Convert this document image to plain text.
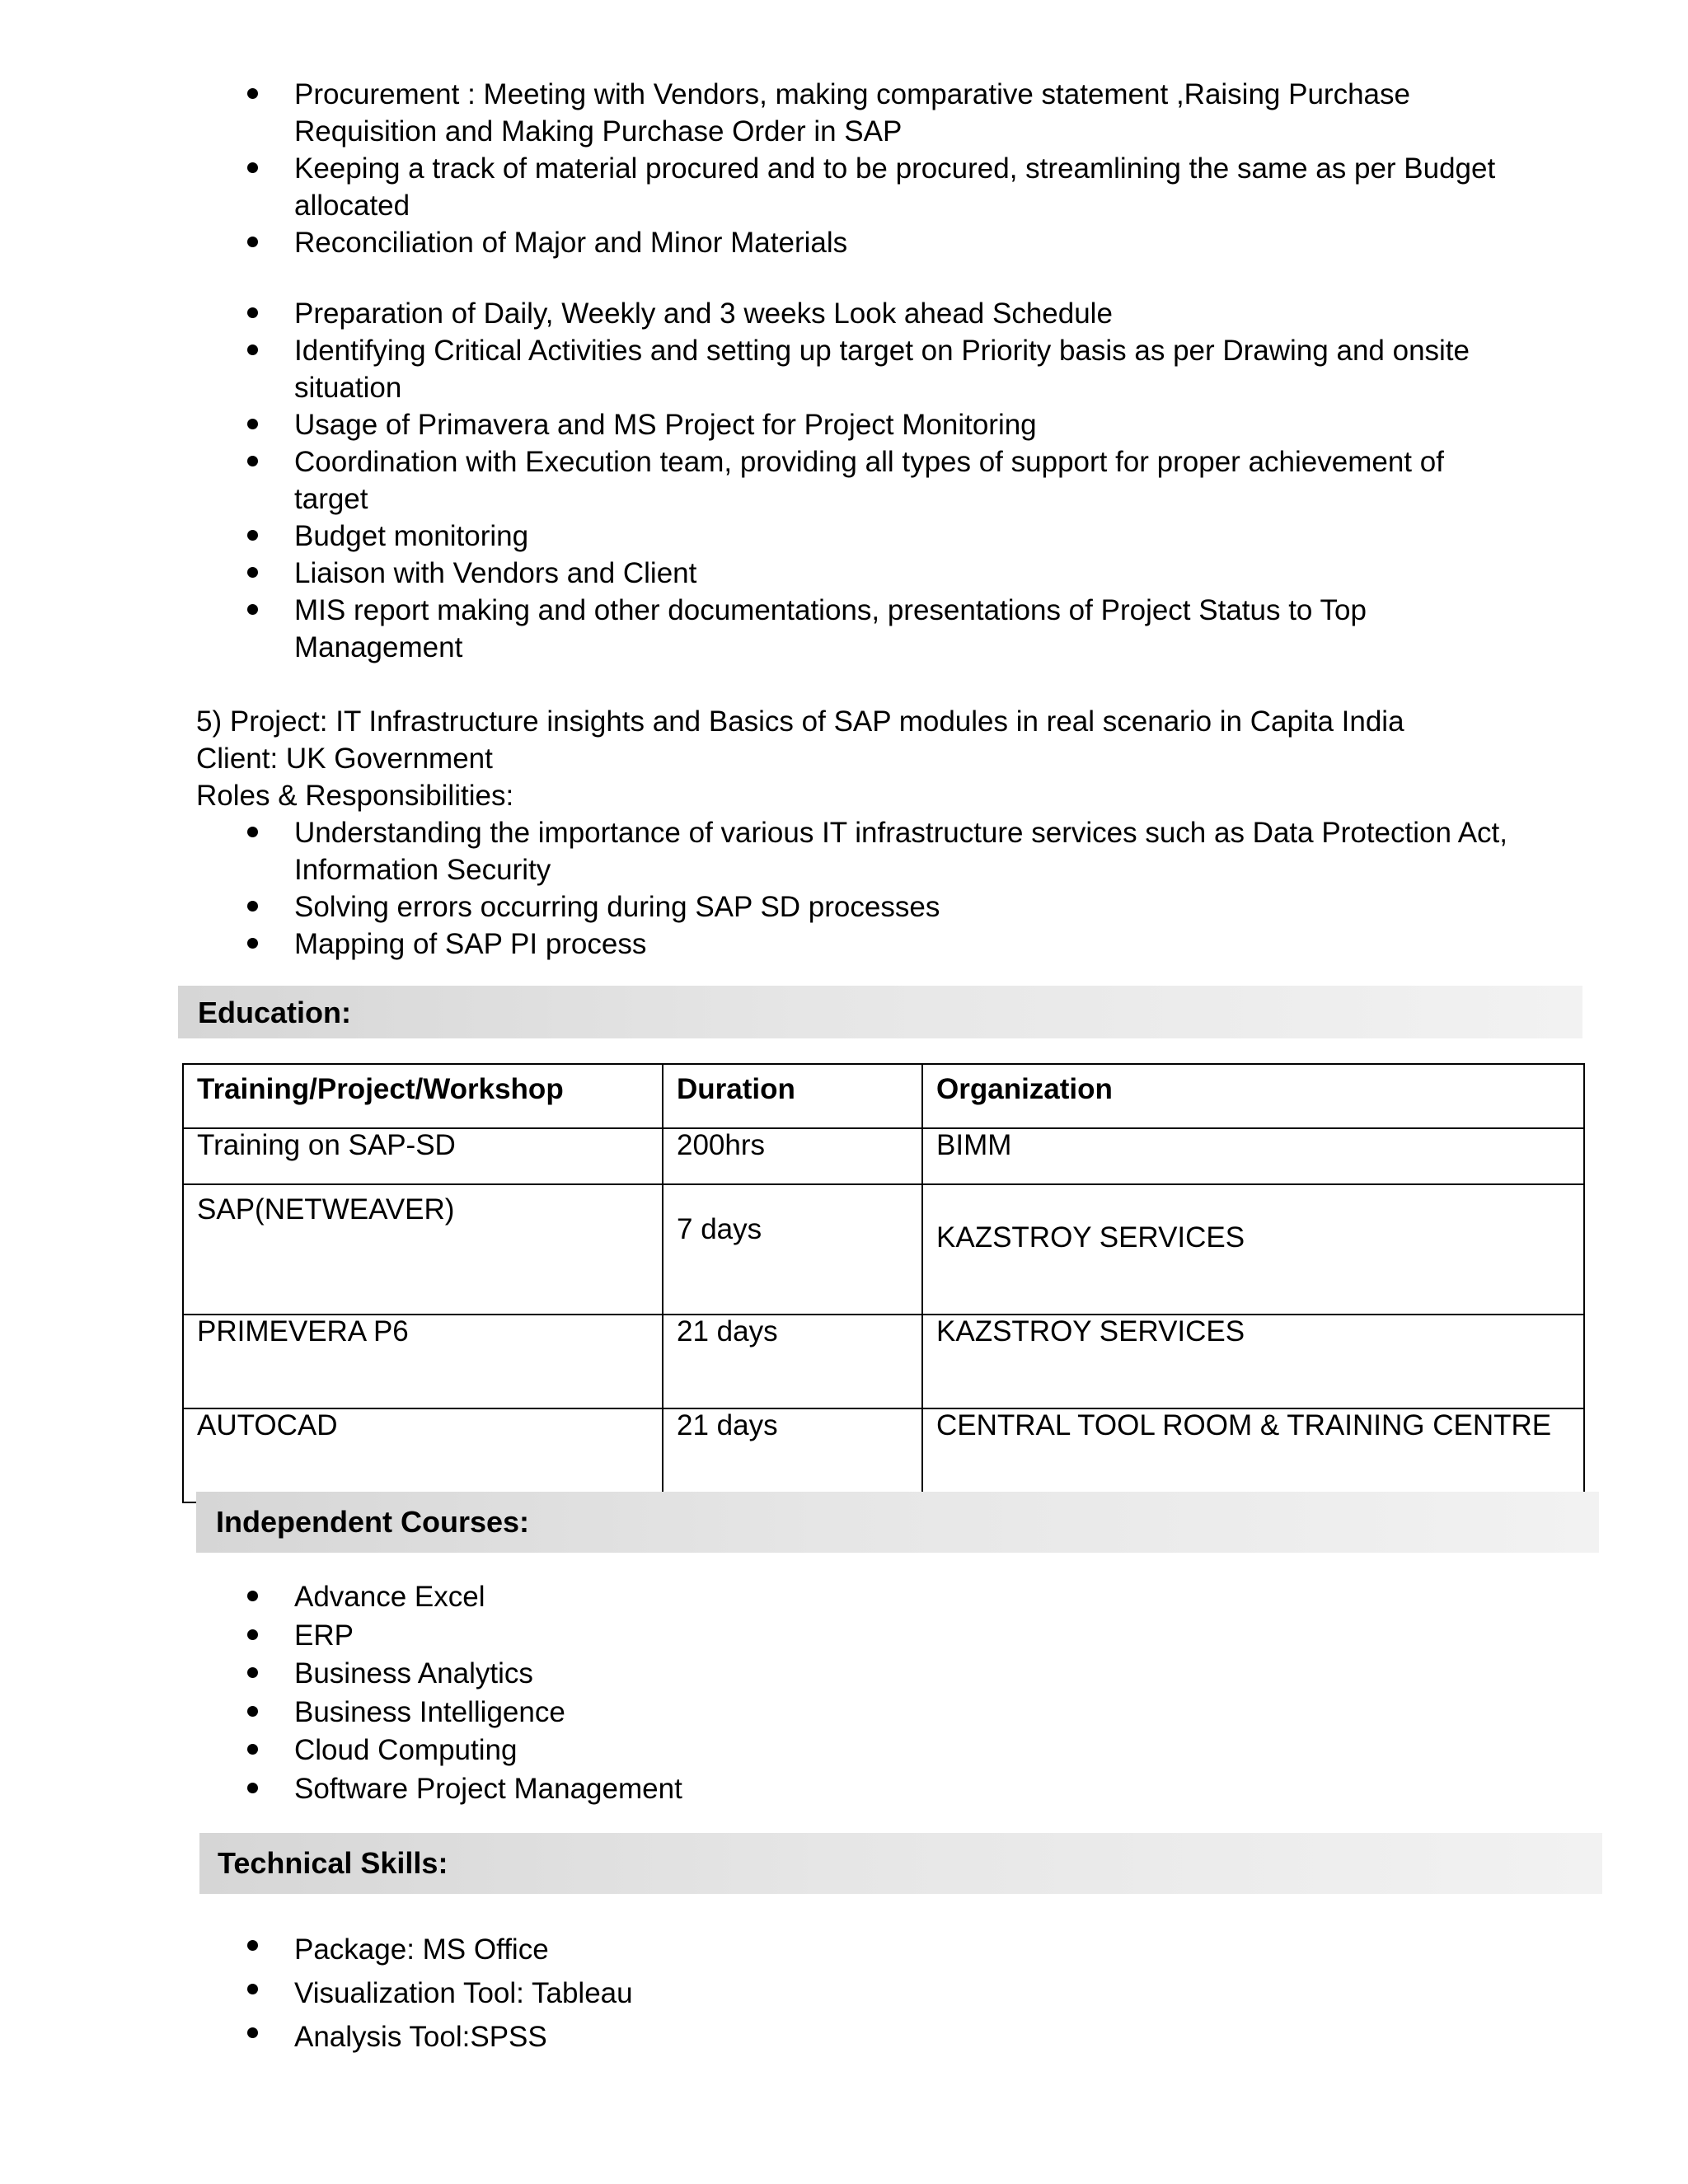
Procurement : Meeting with Vendors, making comparative statement ,Raising Purchase
Requisition and Making Purchase Order in SAP
Keeping a track of material procured and to be procured, streamlining the same as per Budget
allocated
Reconciliation of Major and Minor Materials
Preparation of Daily, Weekly and 3 weeks Look ahead Schedule
Identifying Critical Activities and setting up target on Priority basis as per Drawing and onsite
situation
Usage of Primavera and MS Project for Project Monitoring
Coordination with Execution team, providing all types of support for proper achievement of
target
Budget monitoring
Liaison with Vendors and Client
MIS report making and other documentations, presentations of Project Status to Top
Management
5) Project: IT Infrastructure insights and Basics of SAP modules in real scenario in Capita India
Client: UK Government
Roles & Responsibilities:
Understanding the importance of various IT infrastructure services such as Data Protection Act,
Information Security
Solving errors occurring during SAP SD processes
Mapping of SAP PI process
Education:
Training/Project/Workshop	Duration	Organization
Training on SAP-SD	200hrs	BIMM
SAP(NETWEAVER)	7 days	KAZSTROY SERVICES
PRIMEVERA P6	21 days	KAZSTROY SERVICES
AUTOCAD	21 days	CENTRAL TOOL ROOM & TRAINING CENTRE
Independent Courses:
Advance Excel
ERP
Business Analytics
Business Intelligence
Cloud Computing
Software Project Management
Technical Skills:
Package: MS Office
Visualization Tool: Tableau
Analysis Tool:SPSS
